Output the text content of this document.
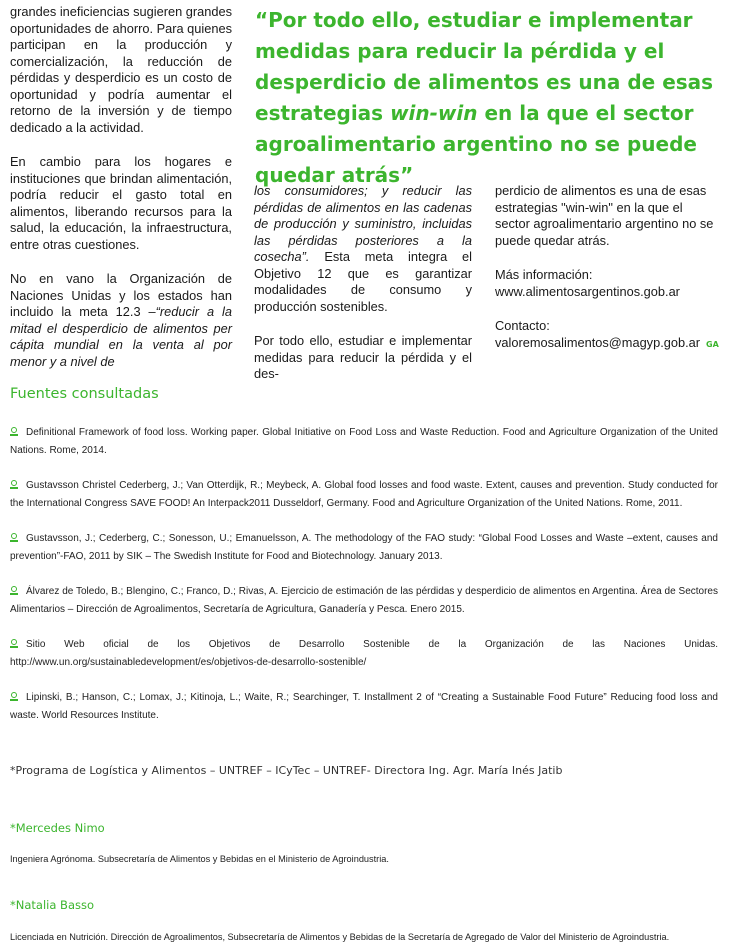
grandes ineficiencias sugieren grandes oportunidades de ahorro. Para quienes participan en la producción y comercialización, la reducción de pérdidas y desperdicio es un costo de oportunidad y podría aumentar el retorno de la inversión y de tiempo dedicado a la actividad.

En cambio para los hogares e instituciones que brindan alimentación, podría reducir el gasto total en alimentos, liberando recursos para la salud, la educación, la infraestructura, entre otras cuestiones.

No en vano la Organización de Naciones Unidas y los estados han incluido la meta 12.3 –“reducir a la mitad el desperdicio de alimentos per cápita mundial en la venta al por menor y a nivel de

“Por todo ello, estudiar e implementar medidas para reducir la pérdida y el desperdicio de alimentos es una de esas estrategias win-win en la que el sector agroalimentario argentino no se puede quedar atrás”

los consumidores; y reducir las pérdidas de alimentos en las cadenas de producción y suministro, incluidas las pérdidas posteriores a la cosecha”. Esta meta integra el Objetivo 12 que es garantizar modalidades de consumo y producción sostenibles.

Por todo ello, estudiar e implementar medidas para reducir la pérdida y el des-

perdicio de alimentos es una de esas estrategias "win-win" en la que el sector agroalimentario argentino no se puede quedar atrás.

Más información:
www.alimentosargentinos.gob.ar

Contacto:
valoremosalimentos@magyp.gob.ar GA

Fuentes consultadas

Definitional Framework of food loss. Working paper. Global Initiative on Food Loss and Waste Reduction. Food and Agriculture Organization of the United Nations. Rome, 2014.

Gustavsson Christel Cederberg, J.; Van Otterdijk, R.; Meybeck, A. Global food losses and food waste. Extent, causes and prevention. Study conducted for the International Congress SAVE FOOD! An Interpack2011 Dusseldorf, Germany. Food and Agriculture Organization of the United Nations. Rome, 2011.

Gustavsson, J.; Cederberg, C.; Sonesson, U.; Emanuelsson, A. The methodology of the FAO study: “Global Food Losses and Waste –extent, causes and prevention”-FAO, 2011 by SIK – The Swedish Institute for Food and Biotechnology. January 2013.

Álvarez de Toledo, B.; Blengino, C.; Franco, D.; Rivas, A. Ejercicio de estimación de las pérdidas y desperdicio de alimentos en Argentina. Área de Sectores Alimentarios – Dirección de Agroalimentos, Secretaría de Agricultura, Ganadería y Pesca. Enero 2015.

Sitio Web oficial de los Objetivos de Desarrollo Sostenible de la Organización de las Naciones Unidas. http://www.un.org/sustainabledevelopment/es/objetivos-de-desarrollo-sostenible/

Lipinski, B.; Hanson, C.; Lomax, J.; Kitinoja, L.; Waite, R.; Searchinger, T. Installment 2 of “Creating a Sustainable Food Future” Reducing food loss and waste. World Resources Institute.

*Programa de Logística y Alimentos – UNTREF – ICyTec – UNTREF- Directora Ing. Agr. María Inés Jatib
*Mercedes Nimo
Ingeniera Agrónoma. Subsecretaría de Alimentos y Bebidas en el Ministerio de Agroindustria.
*Natalia Basso
Licenciada en Nutrición. Dirección de Agroalimentos, Subsecretaría de Alimentos y Bebidas de la Secretaría de Agregado de Valor del Ministerio de Agroindustria.
